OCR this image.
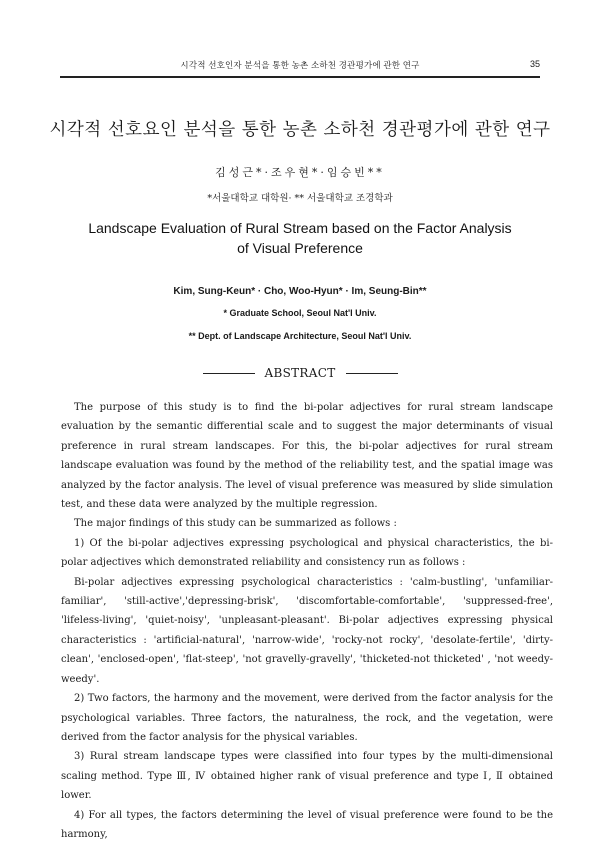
시각적 선호인자 분석을 통한 농촌 소하천 경관평가에 관한 연구	35
시각적 선호요인 분석을 통한 농촌 소하천 경관평가에 관한 연구
김성근*·조우현*·임승빈**
*서울대학교 대학원· ** 서울대학교 조경학과
Landscape Evaluation of Rural Stream based on the Factor Analysis
of Visual Preference
Kim, Sung-Keun* · Cho, Woo-Hyun* · Im, Seung-Bin**
* Graduate School, Seoul Nat'l Univ.
** Dept. of Landscape Architecture, Seoul Nat'l Univ.
ABSTRACT

The purpose of this study is to find the bi-polar adjectives for rural stream landscape evaluation by the semantic differential scale and to suggest the major determinants of visual preference in rural stream landscapes. For this, the bi-polar adjectives for rural stream landscape evaluation was found by the method of the reliability test, and the spatial image was analyzed by the factor analysis. The level of visual preference was measured by slide simulation test, and these data were analyzed by the multiple regression.

The major findings of this study can be summarized as follows :

1) Of the bi-polar adjectives expressing psychological and physical characteristics, the bi-polar adjectives which demonstrated reliability and consistency run as follows :

Bi-polar adjectives expressing psychological characteristics : 'calm-bustling', 'unfamiliar-familiar', 'still-active','depressing-brisk', 'discomfortable-comfortable', 'suppressed-free', 'lifeless-living', 'quiet-noisy', 'unpleasant-pleasant'. Bi-polar adjectives expressing physical characteristics : 'artificial-natural', 'narrow-wide', 'rocky-not rocky', 'desolate-fertile', 'dirty-clean', 'enclosed-open', 'flat-steep', 'not gravelly-gravelly', 'thicketed-not thicketed' , 'not weedy-weedy'.

2) Two factors, the harmony and the movement, were derived from the factor analysis for the psychological variables. Three factors, the naturalness, the rock, and the vegetation, were derived from the factor analysis for the physical variables.

3) Rural stream landscape types were classified into four types by the multi-dimensional scaling method. Type Ⅲ, Ⅳ obtained higher rank of visual preference and type Ⅰ, Ⅱ obtained lower.

4) For all types, the factors determining the level of visual preference were found to be the harmony,
